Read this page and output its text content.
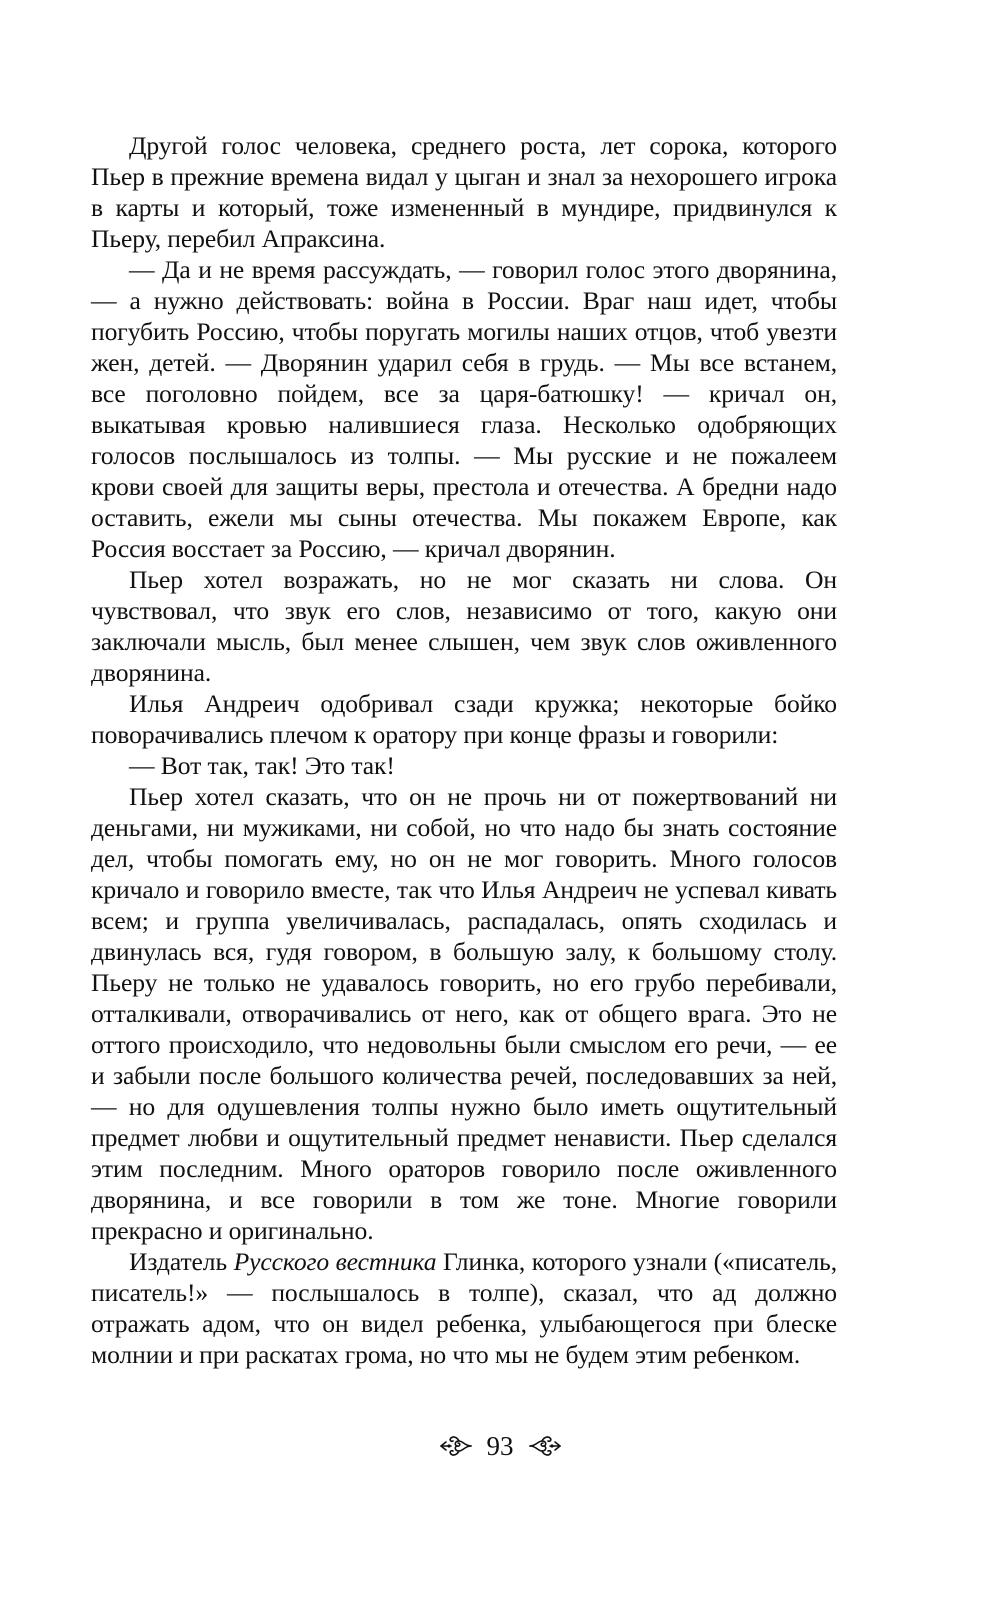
Другой голос человека, среднего роста, лет сорока, которого Пьер в прежние времена видал у цыган и знал за нехорошего игрока в карты и который, тоже измененный в мундире, придвинулся к Пьеру, перебил Апраксина.

— Да и не время рассуждать, — говорил голос этого дворянина, — а нужно действовать: война в России. Враг наш идет, чтобы погубить Россию, чтобы поругать могилы наших отцов, чтоб увезти жен, детей. — Дворянин ударил себя в грудь. — Мы все встанем, все поголовно пойдем, все за царя-батюшку! — кричал он, выкатывая кровью налившиеся глаза. Несколько одобряющих голосов послышалось из толпы. — Мы русские и не пожалеем крови своей для защиты веры, престола и отечества. А бредни надо оставить, ежели мы сыны отечества. Мы покажем Европе, как Россия восстает за Россию, — кричал дворянин.

Пьер хотел возражать, но не мог сказать ни слова. Он чувствовал, что звук его слов, независимо от того, какую они заключали мысль, был менее слышен, чем звук слов оживленного дворянина.

Илья Андреич одобривал сзади кружка; некоторые бойко поворачивались плечом к оратору при конце фразы и говорили:

— Вот так, так! Это так!

Пьер хотел сказать, что он не прочь ни от пожертвований ни деньгами, ни мужиками, ни собой, но что надо бы знать состояние дел, чтобы помогать ему, но он не мог говорить. Много голосов кричало и говорило вместе, так что Илья Андреич не успевал кивать всем; и группа увеличивалась, распадалась, опять сходилась и двинулась вся, гудя говором, в большую залу, к большому столу. Пьеру не только не удавалось говорить, но его грубо перебивали, отталкивали, отворачивались от него, как от общего врага. Это не оттого происходило, что недовольны были смыслом его речи, — ее и забыли после большого количества речей, последовавших за ней, — но для одушевления толпы нужно было иметь ощутительный предмет любви и ощутительный предмет ненависти. Пьер сделался этим последним. Много ораторов говорило после оживленного дворянина, и все говорили в том же тоне. Многие говорили прекрасно и оригинально.

Издатель Русского вестника Глинка, которого узнали («писатель, писатель!» — послышалось в толпе), сказал, что ад должно отражать адом, что он видел ребенка, улыбающегося при блеске молнии и при раскатах грома, но что мы не будем этим ребенком.

93
